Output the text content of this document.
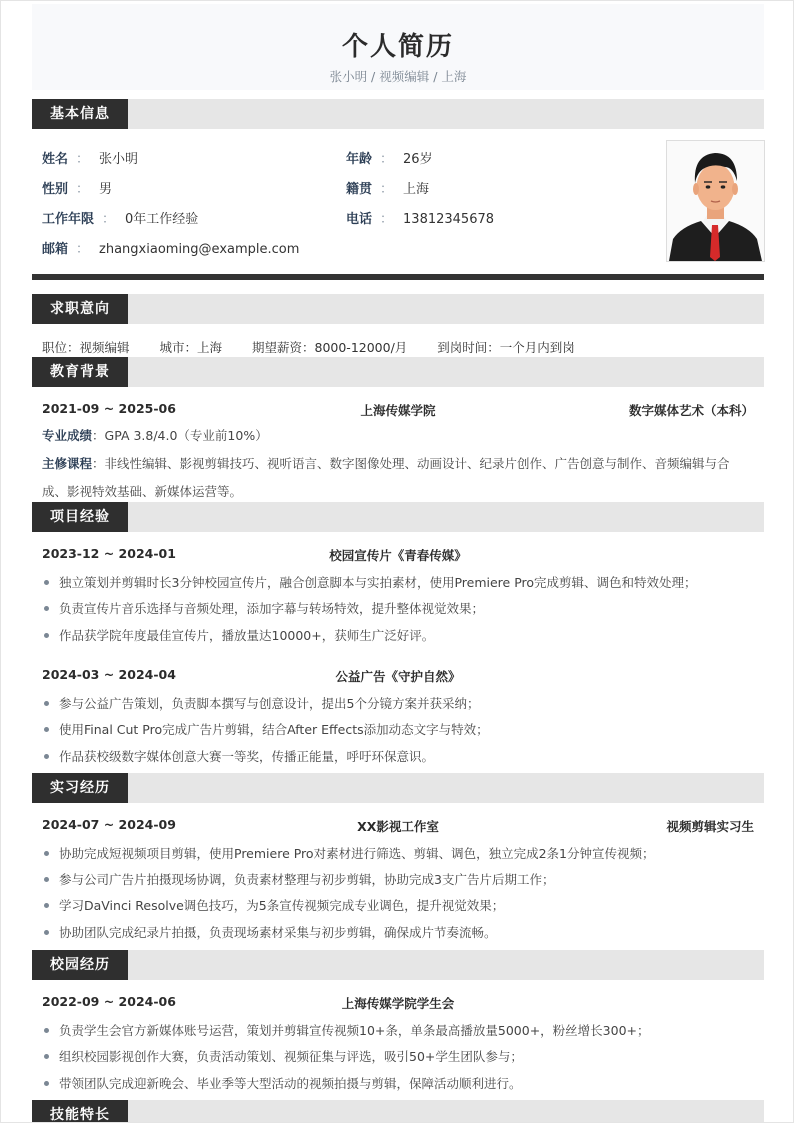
个人简历
张小明 / 视频编辑 / 上海
基本信息
姓名 ： 张小明	年龄 ： 26岁
性别 ： 男	籍贯 ： 上海
工作年限 ： 0年工作经验	电话 ： 13812345678
邮箱 ： zhangxiaoming@example.com
求职意向
职位：视频编辑 城市：上海 期望薪资：8000-12000/月 到岗时间：一个月内到岗
教育背景
2021-09 ~ 2025-06	上海传媒学院	数字媒体艺术（本科）
专业成绩：GPA 3.8/4.0（专业前10%）
主修课程：非线性编辑、影视剪辑技巧、视听语言、数字图像处理、动画设计、纪录片创作、广告创意与制作、音频编辑与合
成、影视特效基础、新媒体运营等。
项目经验
2023-12 ~ 2024-01	校园宣传片《青春传媒》
独立策划并剪辑时长3分钟校园宣传片，融合创意脚本与实拍素材，使用Premiere Pro完成剪辑、调色和特效处理；
负责宣传片音乐选择与音频处理，添加字幕与转场特效，提升整体视觉效果；
作品获学院年度最佳宣传片，播放量达10000+，获师生广泛好评。
2024-03 ~ 2024-04	公益广告《守护自然》
参与公益广告策划，负责脚本撰写与创意设计，提出5个分镜方案并获采纳；
使用Final Cut Pro完成广告片剪辑，结合After Effects添加动态文字与特效；
作品获校级数字媒体创意大赛一等奖，传播正能量，呼吁环保意识。
实习经历
2024-07 ~ 2024-09	XX影视工作室	视频剪辑实习生
协助完成短视频项目剪辑，使用Premiere Pro对素材进行筛选、剪辑、调色，独立完成2条1分钟宣传视频；
参与公司广告片拍摄现场协调，负责素材整理与初步剪辑，协助完成3支广告片后期工作；
学习DaVinci Resolve调色技巧，为5条宣传视频完成专业调色，提升视觉效果；
协助团队完成纪录片拍摄，负责现场素材采集与初步剪辑，确保成片节奏流畅。
校园经历
2022-09 ~ 2024-06	上海传媒学院学生会
负责学生会官方新媒体账号运营，策划并剪辑宣传视频10+条，单条最高播放量5000+，粉丝增长300+；
组织校园影视创作大赛，负责活动策划、视频征集与评选，吸引50+学生团队参与；
带领团队完成迎新晚会、毕业季等大型活动的视频拍摄与剪辑，保障活动顺利进行。
技能特长
